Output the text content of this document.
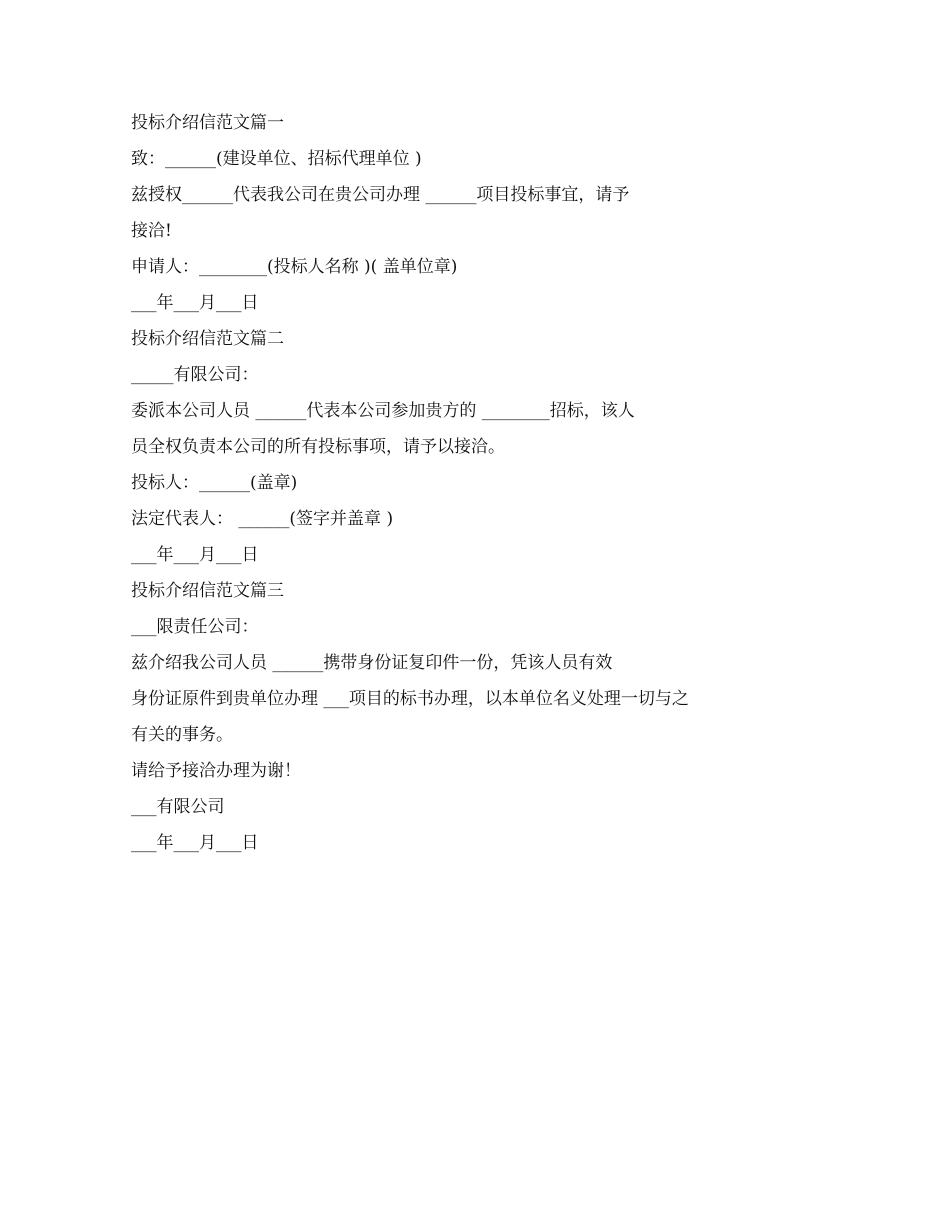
投标介绍信范文篇一
致：______(建设单位、招标代理单位 )
兹授权______代表我公司在贵公司办理 ______项目投标事宜，请予
接洽!
申请人：________(投标人名称 )( 盖单位章)
___年___月___日
投标介绍信范文篇二
_____有限公司：
委派本公司人员 ______代表本公司参加贵方的 ________招标，该人
员全权负责本公司的所有投标事项，请予以接洽。
投标人：______(盖章)
法定代表人： ______(签字并盖章 )
___年___月___日
投标介绍信范文篇三
___限责任公司：
兹介绍我公司人员 ______携带身份证复印件一份，凭该人员有效
身份证原件到贵单位办理 ___项目的标书办理，以本单位名义处理一切与之
有关的事务。
请给予接洽办理为谢！
___有限公司
___年___月___日
